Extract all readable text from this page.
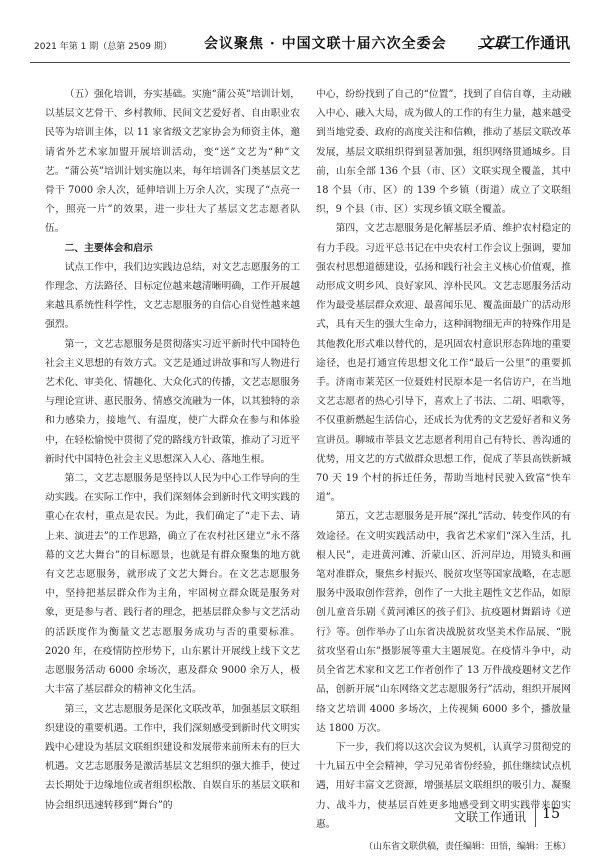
2021 年第 1 期（总第 2509 期） 会议聚焦 · 中国文联十届六次全委会 文联工作通讯

（五）强化培训，夯实基础。实施“蒲公英”培训计划，以基层文艺骨干、乡村教师、民间文艺爱好者、自由职业农民等为培训主体，以 11 家省级文艺家协会为师资主体，邀请省外艺术家加盟开展培训活动，变“送”文艺为“种”文艺。“蒲公英”培训计划实施以来，每年培训各门类基层文艺骨干 7000 余人次，延伸培训上万余人次，实现了“点亮一个，照亮一片”的效果，进一步壮大了基层文艺志愿者队伍。

二、主要体会和启示

试点工作中，我们边实践边总结，对文艺志愿服务的工作理念、方法路径、目标定位越来越清晰明确，工作开展越来越具系统性科学性，文艺志愿服务的自信心自觉性越来越强烈。

第一，文艺志愿服务是贯彻落实习近平新时代中国特色社会主义思想的有效方式。文艺是通过讲故事和写人物进行艺术化、审美化、情趣化、大众化式的传播，文艺志愿服务与理论宣讲、惠民服务、情感交流融为一体，以其独特的亲和力感染力，接地气、有温度，使广大群众在参与和体验中，在轻松愉悦中贯彻了党的路线方针政策，推动了习近平新时代中国特色社会主义思想深入人心、落地生根。

第二，文艺志愿服务是坚持以人民为中心工作导向的生动实践。在实际工作中，我们深刻体会到新时代文明实践的重心在农村，重点是农民。为此，我们确定了“走下去、请上来、演进去”的工作思路，确立了在农村社区建立“永不落幕的文艺大舞台”的目标愿景，也就是有群众聚集的地方就有文艺志愿服务，就形成了文艺大舞台。在文艺志愿服务中，坚持把基层群众作为主角，牢固树立群众既是服务对象，更是参与者、践行者的理念，把基层群众参与文艺活动的活跃度作为衡量文艺志愿服务成功与否的重要标准。2020 年，在疫情防控形势下，山东累计开展线上线下文艺志愿服务活动 6000 余场次，惠及群众 9000 余万人，极大丰富了基层群众的精神文化生活。

第三，文艺志愿服务是深化文联改革，加强基层文联组织建设的重要机遇。工作中，我们深刻感受到新时代文明实践中心建设为基层文联组织建设和发展带来前所未有的巨大机遇。文艺志愿服务是激活基层文艺组织的强大推手，使过去长期处于边缘地位或者组织松散、自娱自乐的基层文联和协会组织迅速转移到“舞台”的

中心，纷纷找到了自己的“位置”，找到了自信自尊，主动融入中心、融入大局，成为做人的工作的有生力量，越来越受到当地党委、政府的高度关注和信赖，推动了基层文联改革发展，基层文联组织得到显著加强，组织网络贯通城乡。目前，山东全部 136 个县（市、区）文联实现全覆盖，其中 18 个县（市、区）的 139 个乡镇（街道）成立了文联组织，9 个县（市、区）实现乡镇文联全覆盖。

第四，文艺志愿服务是化解基层矛盾、维护农村稳定的有力手段。习近平总书记在中央农村工作会议上强调，要加强农村思想道德建设，弘扬和践行社会主义核心价值观，推动形成文明乡风、良好家风、淳朴民风。文艺志愿服务活动作为最受基层群众欢迎、最喜闻乐见、覆盖面最广的活动形式，具有天生的强大生命力，这种润物细无声的特殊作用是其他教化形式难以替代的，是巩固农村意识形态阵地的重要途径，也是打通宣传思想文化工作“最后一公里”的重要抓手。济南市莱芜区一位聂姓村民原本是一名信访户，在当地文艺志愿者的热心引导下，喜欢上了书法、二胡、唱歌等，不仅重新燃起生活信心，还成长为优秀的文艺爱好者和义务宣讲员。聊城市莘县文艺志愿者利用自己有特长、善沟通的优势，用文艺的方式做群众思想工作，促成了莘县高铁新城 70 天 19 个村的拆迁任务，帮助当地村民驶入致富“快车道”。

第五，文艺志愿服务是开展“深扎”活动、转变作风的有效途径。在文明实践活动中，我省艺术家们“深入生活，扎根人民”，走进黄河滩、沂蒙山区、沂河岸边，用镜头和画笔对准群众，聚焦乡村振兴、脱贫攻坚等国家战略，在志愿服务中汲取创作营养，创作了一大批主题性文艺作品，如原创儿童音乐剧《黄河滩区的孩子们》、抗疫题材舞蹈诗《逆行》等。创作举办了山东省决战脱贫攻坚美术作品展、“脱贫攻坚看山东”摄影展等重大主题展览。在疫情斗争中，动员全省艺术家和文艺工作者创作了 13 万件战疫题材文艺作品，创新开展“山东网络文艺志愿服务行”活动，组织开展网络文艺培训 4000 多场次，上传视频 6000 多个，播放量达 1800 万次。

下一步，我们将以这次会议为契机，认真学习贯彻党的十九届五中全会精神，学习兄弟省份经验，抓住继续试点机遇，用好丰富文艺资源，增强基层文联组织的吸引力、凝聚力、战斗力，使基层百姓更多地感受到文明实践带来的实惠。

（山东省文联供稿，责任编辑：田悟，编辑：王栋）

文联工作通讯 15
